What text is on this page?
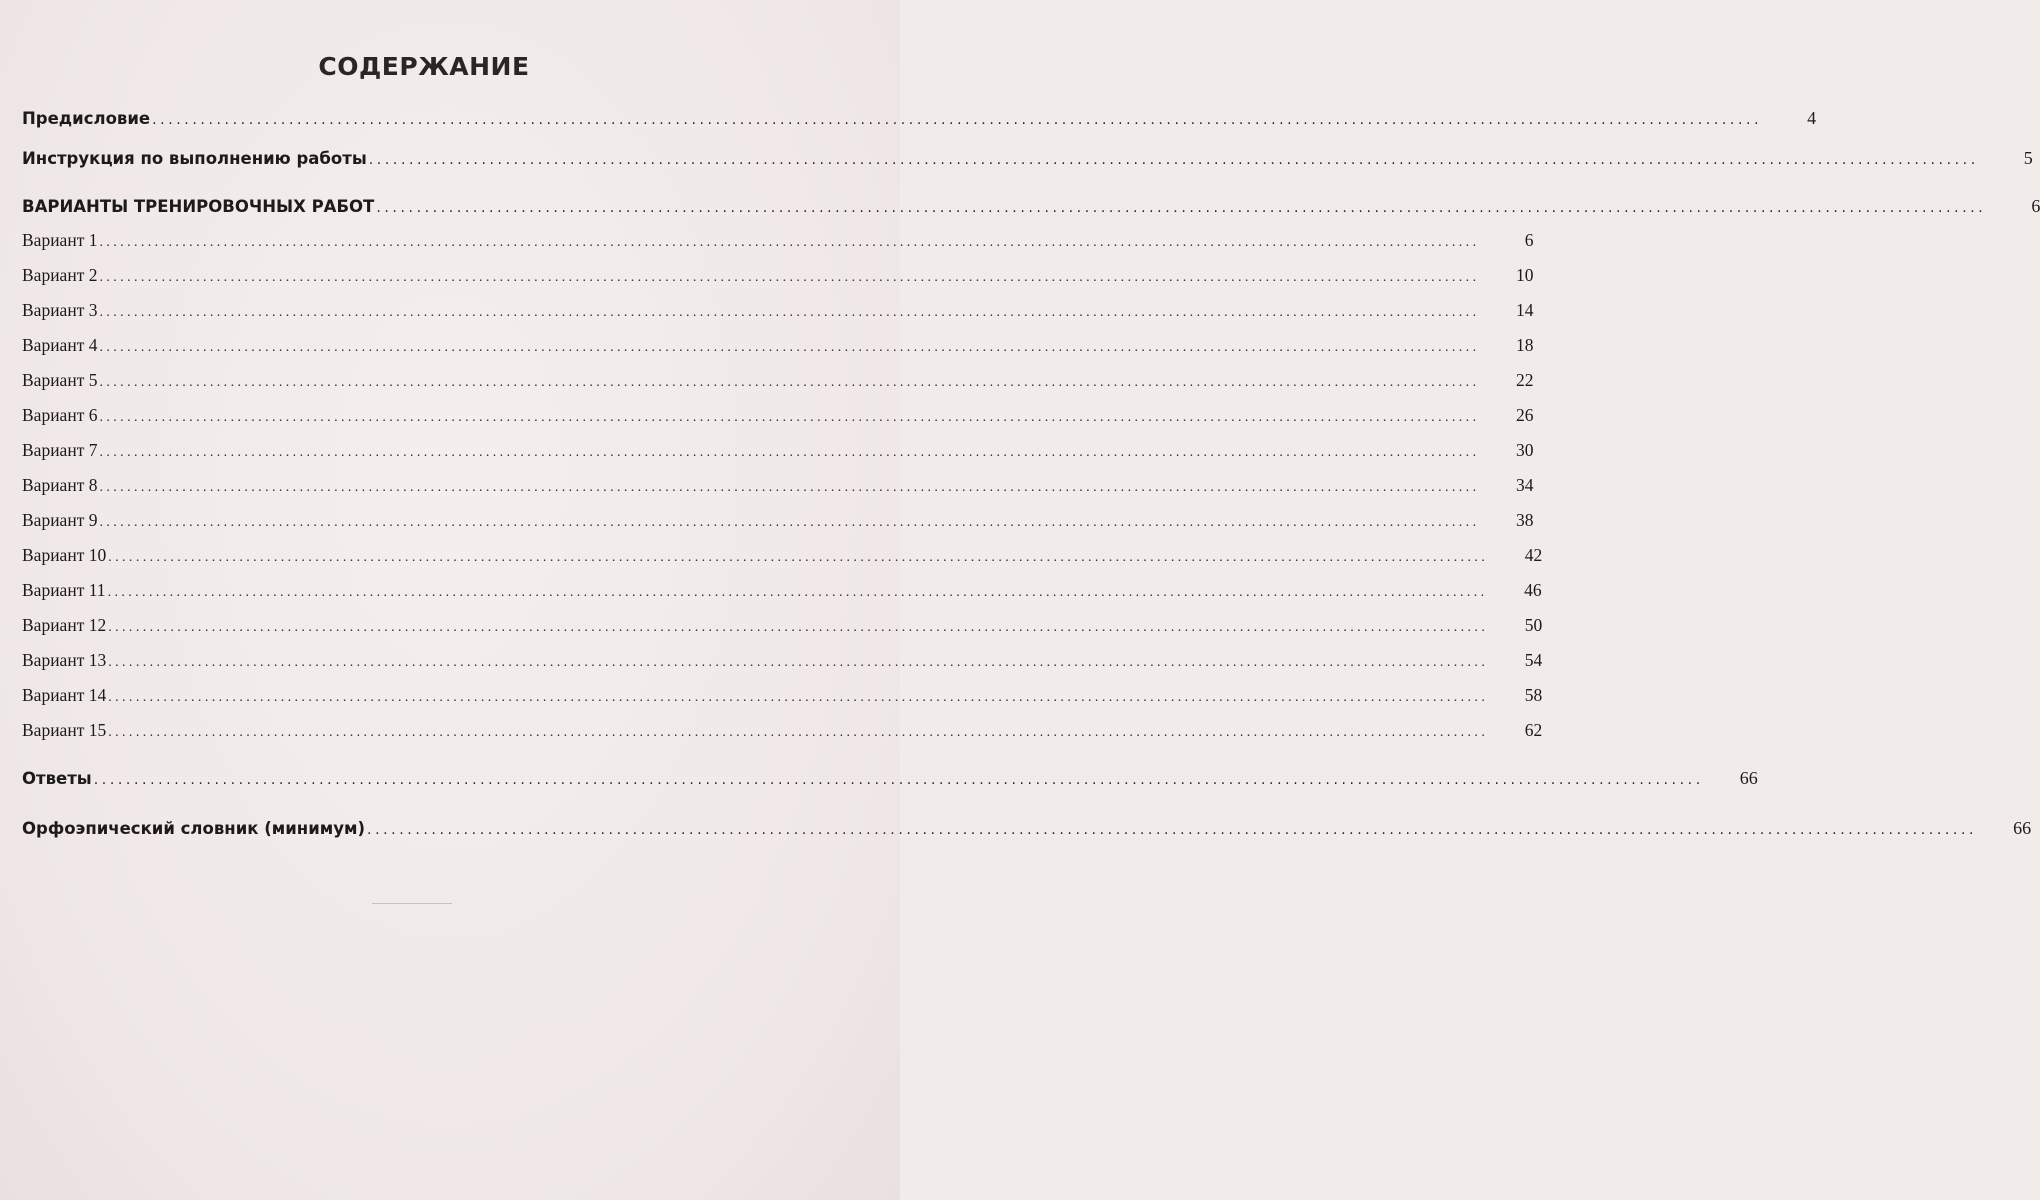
СОДЕРЖАНИЕ
Предисловие ........................................................................................................................................................................................................	4
Инструкция по выполнению работы ........................................................................................................................................................................................................	5
ВАРИАНТЫ ТРЕНИРОВОЧНЫХ РАБОТ ........................................................................................................................................................................................................	6
Вариант 1 ........................................................................................................................................................................................................	6
Вариант 2 ........................................................................................................................................................................................................	10
Вариант 3 ........................................................................................................................................................................................................	14
Вариант 4 ........................................................................................................................................................................................................	18
Вариант 5 ........................................................................................................................................................................................................	22
Вариант 6 ........................................................................................................................................................................................................	26
Вариант 7 ........................................................................................................................................................................................................	30
Вариант 8 ........................................................................................................................................................................................................	34
Вариант 9 ........................................................................................................................................................................................................	38
Вариант 10 ........................................................................................................................................................................................................	42
Вариант 11 ........................................................................................................................................................................................................	46
Вариант 12 ........................................................................................................................................................................................................	50
Вариант 13 ........................................................................................................................................................................................................	54
Вариант 14 ........................................................................................................................................................................................................	58
Вариант 15 ........................................................................................................................................................................................................	62
Ответы ........................................................................................................................................................................................................	66
Орфоэпический словник (минимум) ........................................................................................................................................................................................................	66
